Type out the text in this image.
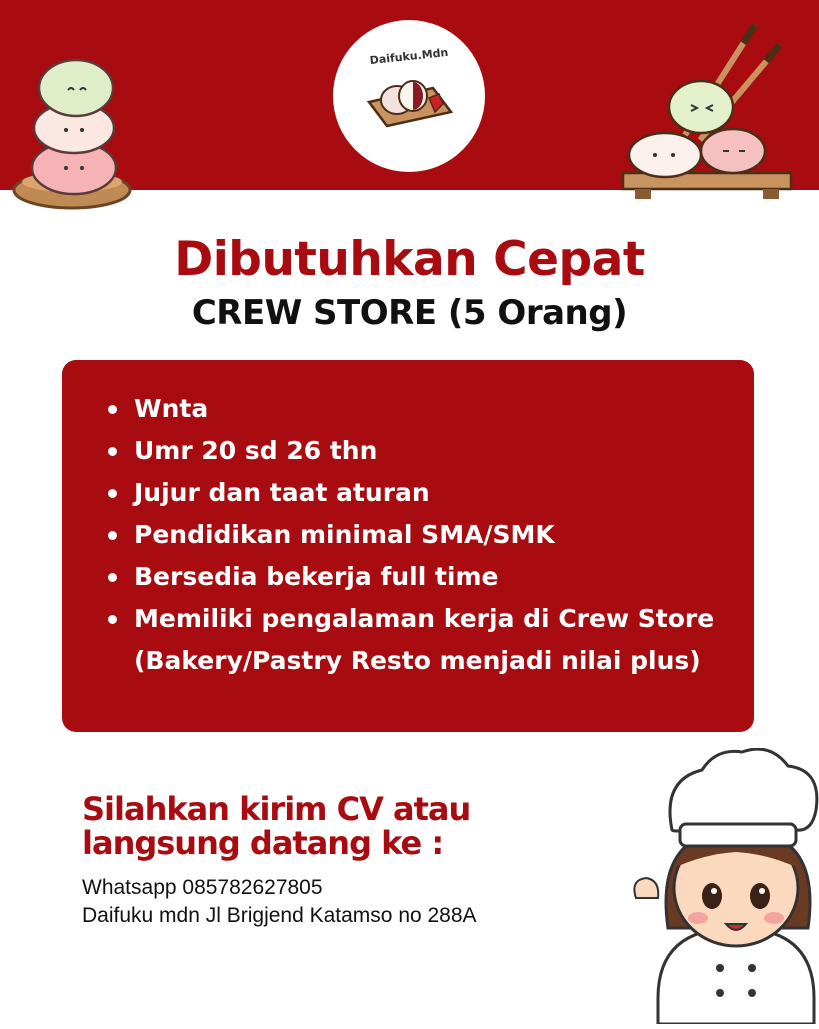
Daifuku.Mdn
Dibutuhkan Cepat
CREW STORE (5 Orang)
Wnta
Umr 20 sd 26 thn
Jujur dan taat aturan
Pendidikan minimal SMA/SMK
Bersedia bekerja full time
Memiliki pengalaman kerja di Crew Store (Bakery/Pastry Resto menjadi nilai plus)
Silahkan kirim CV atau
langsung datang ke :
Whatsapp 085782627805
Daifuku mdn Jl Brigjend Katamso no 288A
